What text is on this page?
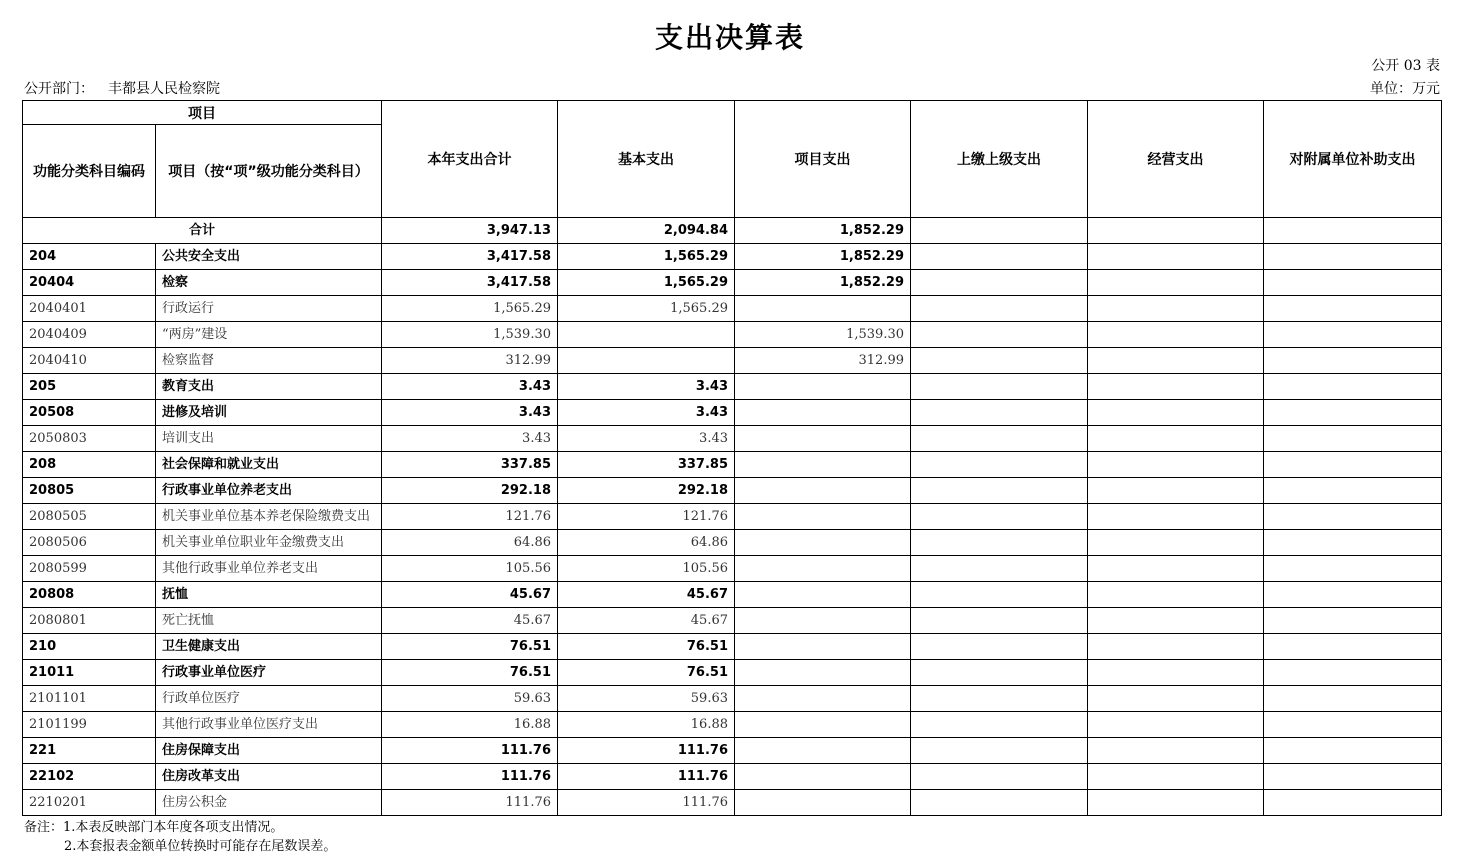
支出决算表
公开 03 表
公开部门： 丰都县人民检察院	单位：万元
项目		本年支出合计	基本支出	项目支出	上缴上级支出	经营支出	对附属单位补助支出
功能分类科目编码	项目（按“项”级功能分类科目）						
合计		3,947.13	2,094.84	1,852.29			
204	公共安全支出	3,417.58	1,565.29	1,852.29			
20404	检察	3,417.58	1,565.29	1,852.29			
2040401	行政运行	1,565.29	1,565.29				
2040409	“两房”建设	1,539.30		1,539.30			
2040410	检察监督	312.99		312.99			
205	教育支出	3.43	3.43				
20508	进修及培训	3.43	3.43				
2050803	培训支出	3.43	3.43				
208	社会保障和就业支出	337.85	337.85				
20805	行政事业单位养老支出	292.18	292.18				
2080505	机关事业单位基本养老保险缴费支出	121.76	121.76				
2080506	机关事业单位职业年金缴费支出	64.86	64.86				
2080599	其他行政事业单位养老支出	105.56	105.56				
20808	抚恤	45.67	45.67				
2080801	死亡抚恤	45.67	45.67				
210	卫生健康支出	76.51	76.51				
21011	行政事业单位医疗	76.51	76.51				
2101101	行政单位医疗	59.63	59.63				
2101199	其他行政事业单位医疗支出	16.88	16.88				
221	住房保障支出	111.76	111.76				
22102	住房改革支出	111.76	111.76				
2210201	住房公积金	111.76	111.76				
备注：1.本表反映部门本年度各项支出情况。
2.本套报表金额单位转换时可能存在尾数误差。
